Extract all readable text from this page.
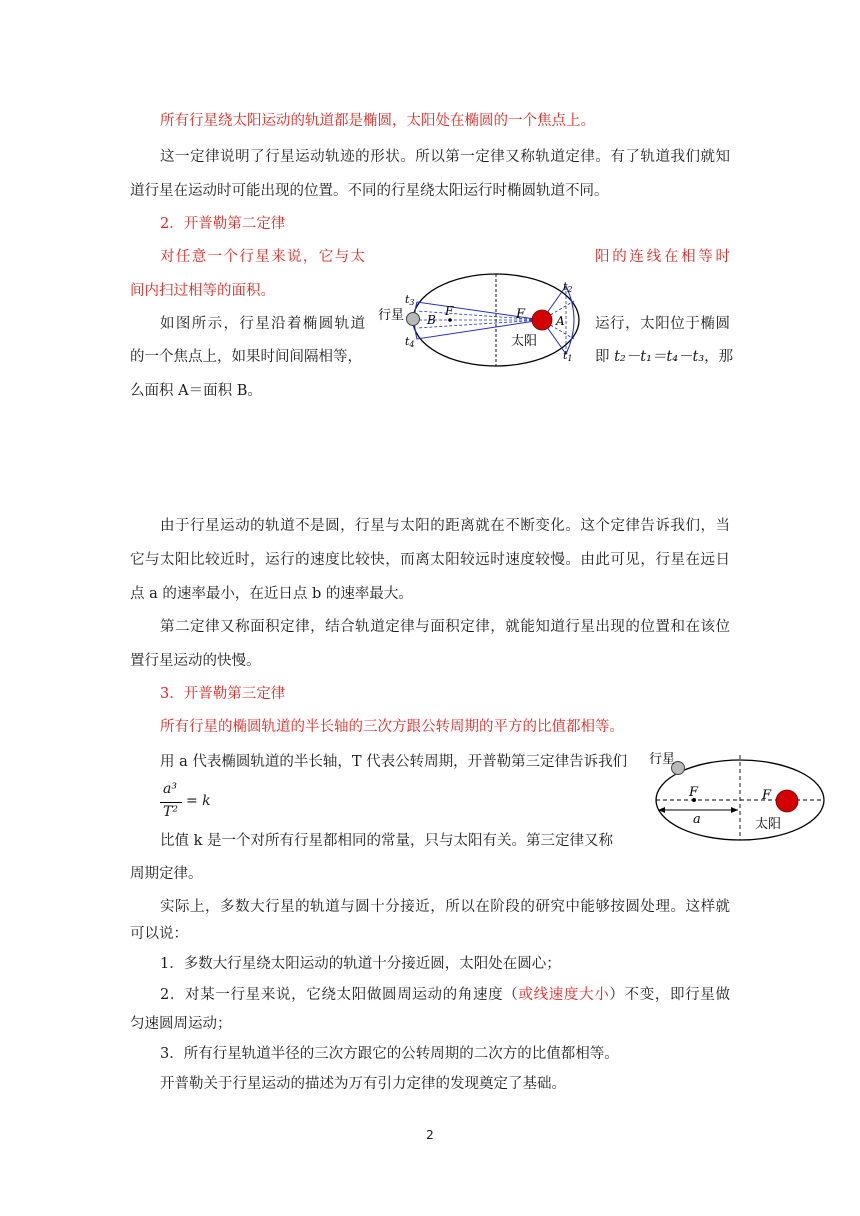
所有行星绕太阳运动的轨道都是椭圆，太阳处在椭圆的一个焦点上。
这一定律说明了行星运动轨迹的形状。所以第一定律又称轨道定律。有了轨道我们就知
道行星在运动时可能出现的位置。不同的行星绕太阳运行时椭圆轨道不同。
2．开普勒第二定律
对任意一个行星来说，它与太	阳的连线在相等时
间内扫过相等的面积。
如图所示，行星沿着椭圆轨道	运行，太阳位于椭圆
的一个焦点上，如果时间间隔相等，	即 t₂－t₁＝t₄－t₃，那
么面积 A＝面积 B。
行星
太阳
F
F
B	A
t3
t4
t2
t1
由于行星运动的轨道不是圆，行星与太阳的距离就在不断变化。这个定律告诉我们，当
它与太阳比较近时，运行的速度比较快，而离太阳较远时速度较慢。由此可见，行星在远日
点 a 的速率最小，在近日点 b 的速率最大。
第二定律又称面积定律，结合轨道定律与面积定律，就能知道行星出现的位置和在该位
置行星运动的快慢。
3．开普勒第三定律
所有行星的椭圆轨道的半长轴的三次方跟公转周期的平方的比值都相等。
用 a 代表椭圆轨道的半长轴，T 代表公转周期，开普勒第三定律告诉我们
a³
T²
= k
比值 k 是一个对所有行星都相同的常量，只与太阳有关。第三定律又称
周期定律。
行星
太阳
F	F
a
实际上，多数大行星的轨道与圆十分接近，所以在阶段的研究中能够按圆处理。这样就
可以说：
1．多数大行星绕太阳运动的轨道十分接近圆，太阳处在圆心；
2．对某一行星来说，它绕太阳做圆周运动的角速度（或线速度大小）不变，即行星做
匀速圆周运动；
3．所有行星轨道半径的三次方跟它的公转周期的二次方的比值都相等。
开普勒关于行星运动的描述为万有引力定律的发现奠定了基础。
2
